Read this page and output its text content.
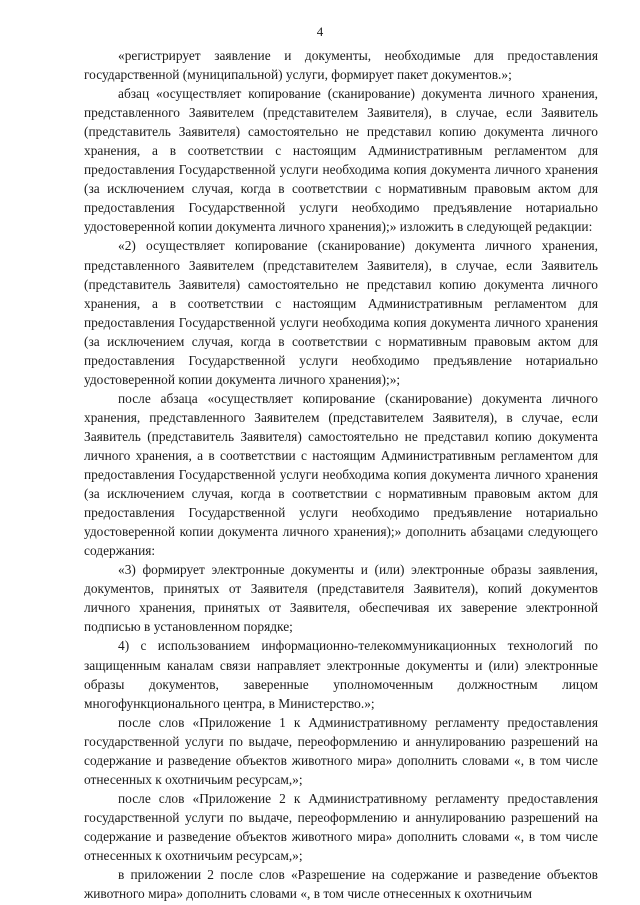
4

«регистрирует заявление и документы, необходимые для предоставления государственной (муниципальной) услуги, формирует пакет документов.»;

абзац «осуществляет копирование (сканирование) документа личного хранения, представленного Заявителем (представителем Заявителя), в случае, если Заявитель (представитель Заявителя) самостоятельно не представил копию документа личного хранения, а в соответствии с настоящим Административным регламентом для предоставления Государственной услуги необходима копия документа личного хранения (за исключением случая, когда в соответствии с нормативным правовым актом для предоставления Государственной услуги необходимо предъявление нотариально удостоверенной копии документа личного хранения);» изложить в следующей редакции:

«2) осуществляет копирование (сканирование) документа личного хранения, представленного Заявителем (представителем Заявителя), в случае, если Заявитель (представитель Заявителя) самостоятельно не представил копию документа личного хранения, а в соответствии с настоящим Административным регламентом для предоставления Государственной услуги необходима копия документа личного хранения (за исключением случая, когда в соответствии с нормативным правовым актом для предоставления Государственной услуги необходимо предъявление нотариально удостоверенной копии документа личного хранения);»;

после абзаца «осуществляет копирование (сканирование) документа личного хранения, представленного Заявителем (представителем Заявителя), в случае, если Заявитель (представитель Заявителя) самостоятельно не представил копию документа личного хранения, а в соответствии с настоящим Административным регламентом для предоставления Государственной услуги необходима копия документа личного хранения (за исключением случая, когда в соответствии с нормативным правовым актом для предоставления Государственной услуги необходимо предъявление нотариально удостоверенной копии документа личного хранения);» дополнить абзацами следующего содержания:

«3) формирует электронные документы и (или) электронные образы заявления, документов, принятых от Заявителя (представителя Заявителя), копий документов личного хранения, принятых от Заявителя, обеспечивая их заверение электронной подписью в установленном порядке;

4) с использованием информационно-телекоммуникационных технологий по защищенным каналам связи направляет электронные документы и (или) электронные образы документов, заверенные уполномоченным должностным лицом многофункционального центра, в Министерство.»;

после слов «Приложение 1 к Административному регламенту предоставления государственной услуги по выдаче, переоформлению и аннулированию разрешений на содержание и разведение объектов животного мира» дополнить словами «, в том числе отнесенных к охотничьим ресурсам,»;

после слов «Приложение 2 к Административному регламенту предоставления государственной услуги по выдаче, переоформлению и аннулированию разрешений на содержание и разведение объектов животного мира» дополнить словами «, в том числе отнесенных к охотничьим ресурсам,»;

в приложении 2 после слов «Разрешение на содержание и разведение объектов животного мира» дополнить словами «, в том числе отнесенных к охотничьим
